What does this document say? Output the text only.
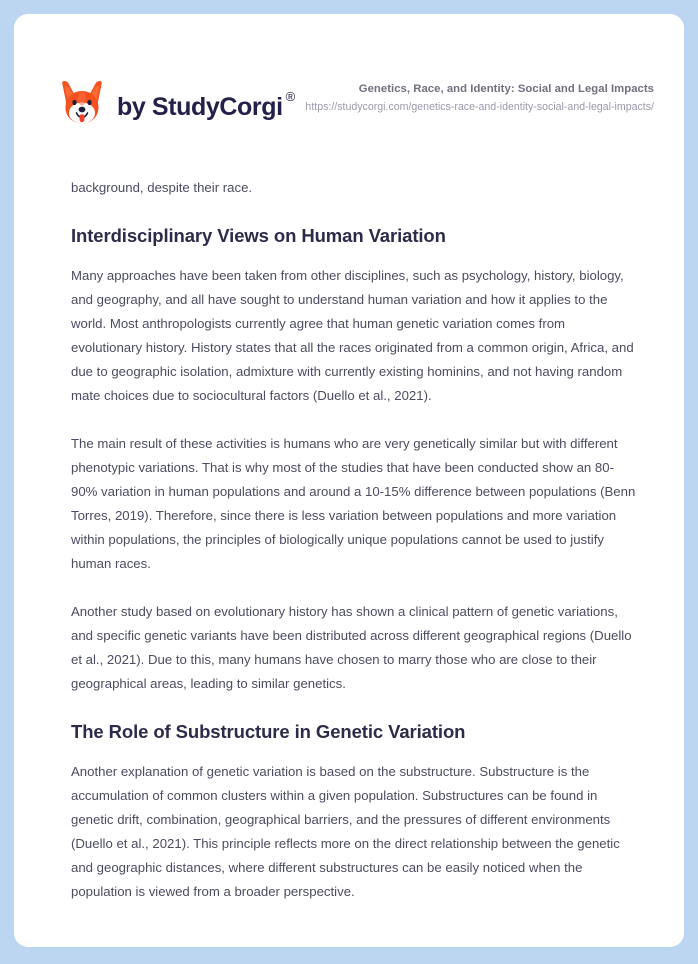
by StudyCorgi ®	Genetics, Race, and Identity: Social and Legal Impacts
https://studycorgi.com/genetics-race-and-identity-social-and-legal-impacts/

background, despite their race.

Interdisciplinary Views on Human Variation

Many approaches have been taken from other disciplines, such as psychology, history, biology, and geography, and all have sought to understand human variation and how it applies to the world. Most anthropologists currently agree that human genetic variation comes from evolutionary history. History states that all the races originated from a common origin, Africa, and due to geographic isolation, admixture with currently existing hominins, and not having random mate choices due to sociocultural factors (Duello et al., 2021).

The main result of these activities is humans who are very genetically similar but with different phenotypic variations. That is why most of the studies that have been conducted show an 80-90% variation in human populations and around a 10-15% difference between populations (Benn Torres, 2019). Therefore, since there is less variation between populations and more variation within populations, the principles of biologically unique populations cannot be used to justify human races.

Another study based on evolutionary history has shown a clinical pattern of genetic variations, and specific genetic variants have been distributed across different geographical regions (Duello et al., 2021). Due to this, many humans have chosen to marry those who are close to their geographical areas, leading to similar genetics.

The Role of Substructure in Genetic Variation

Another explanation of genetic variation is based on the substructure. Substructure is the accumulation of common clusters within a given population. Substructures can be found in genetic drift, combination, geographical barriers, and the pressures of different environments (Duello et al., 2021). This principle reflects more on the direct relationship between the genetic and geographic distances, where different substructures can be easily noticed when the population is viewed from a broader perspective.
